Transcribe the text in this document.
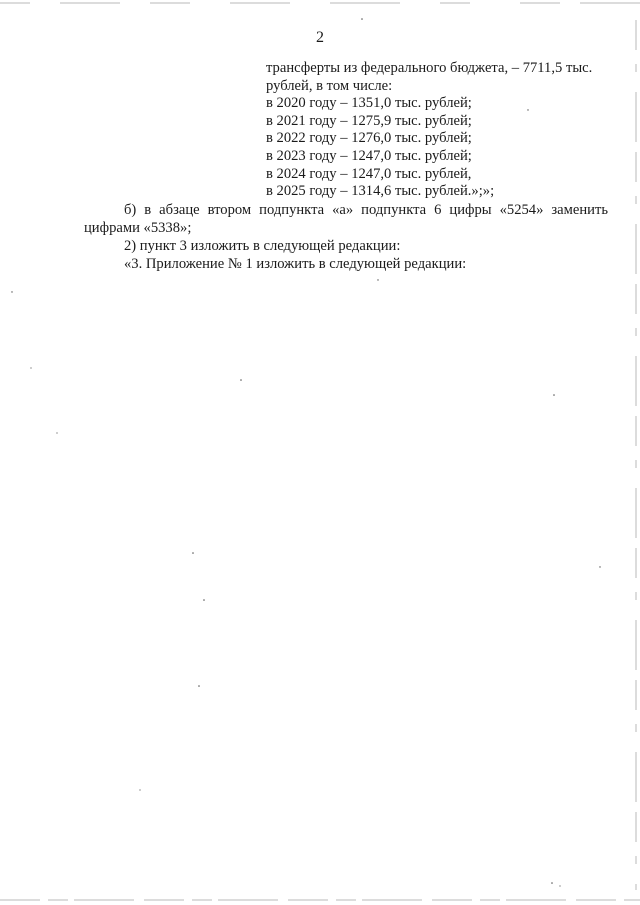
2
трансферты из федерального бюджета, – 7711,5 тыс.
рублей, в том числе:
в 2020 году – 1351,0 тыс. рублей;
в 2021 году – 1275,9 тыс. рублей;
в 2022 году – 1276,0 тыс. рублей;
в 2023 году – 1247,0 тыс. рублей;
в 2024 году – 1247,0 тыс. рублей,
в 2025 году – 1314,6 тыс. рублей.»;»;
б) в абзаце втором подпункта «а» подпункта 6 цифры «5254» заменить цифрами «5338»;
2) пункт 3 изложить в следующей редакции:
«3. Приложение № 1 изложить в следующей редакции:
